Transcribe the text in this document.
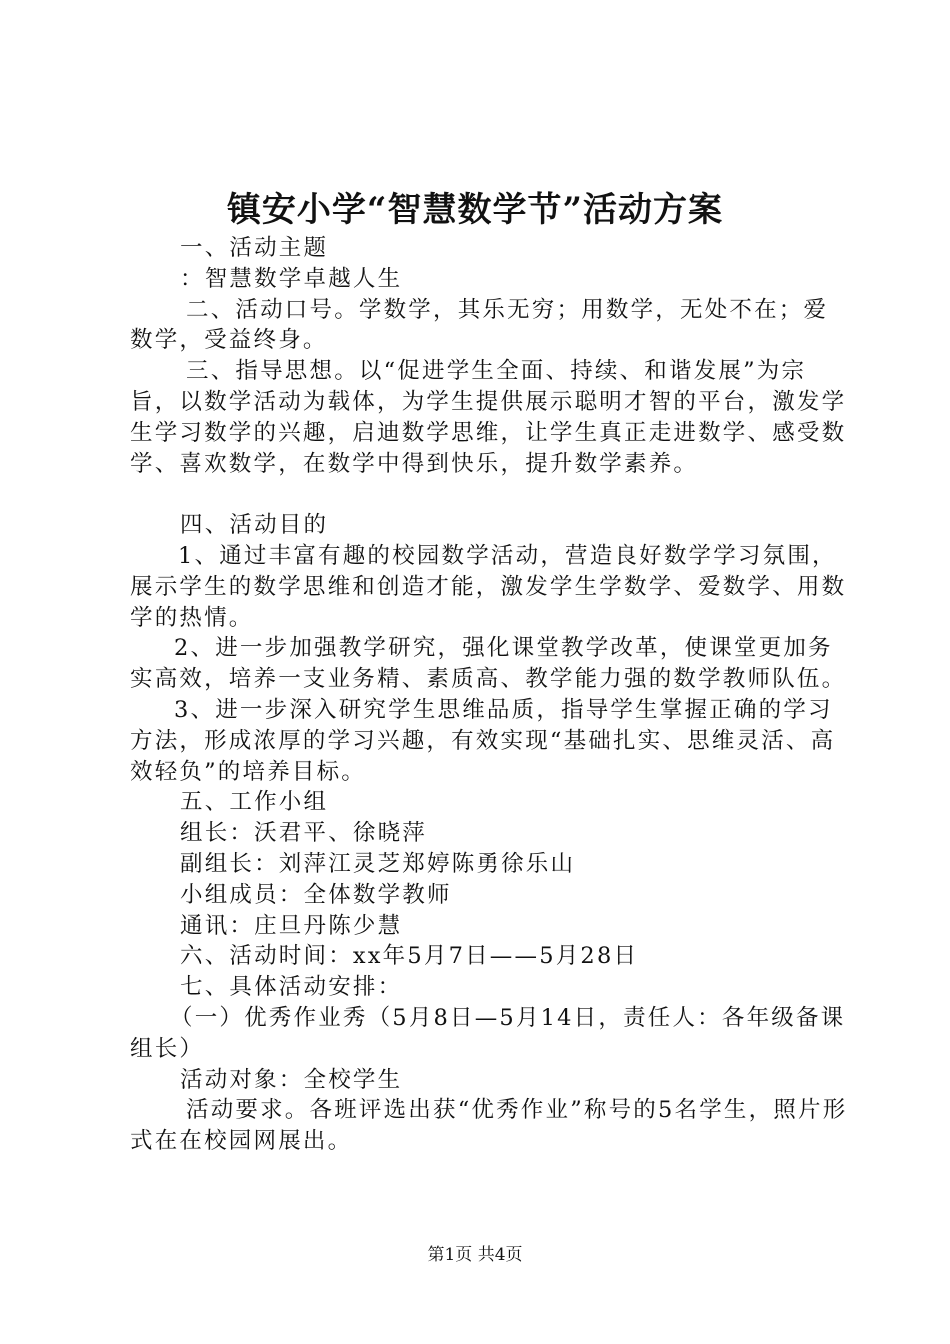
镇安小学“智慧数学节”活动方案

一、活动主题

：智慧数学卓越人生

二、活动口号。学数学，其乐无穷；用数学，无处不在；爱数学，受益终身。

三、指导思想。以“促进学生全面、持续、和谐发展”为宗旨，以数学活动为载体，为学生提供展示聪明才智的平台，激发学生学习数学的兴趣，启迪数学思维，让学生真正走进数学、感受数学、喜欢数学，在数学中得到快乐，提升数学素养。

四、活动目的

1、通过丰富有趣的校园数学活动，营造良好数学学习氛围，展示学生的数学思维和创造才能，激发学生学数学、爱数学、用数学的热情。

2、进一步加强教学研究，强化课堂教学改革，使课堂更加务实高效，培养一支业务精、素质高、教学能力强的数学教师队伍。

3、进一步深入研究学生思维品质，指导学生掌握正确的学习方法，形成浓厚的学习兴趣，有效实现“基础扎实、思维灵活、高效轻负”的培养目标。

五、工作小组

组长：沃君平、徐晓萍

副组长：刘萍江灵芝郑婷陈勇徐乐山

小组成员：全体数学教师

通讯：庄旦丹陈少慧

六、活动时间：xx年5月7日——5月28日

七、具体活动安排：

（一）优秀作业秀（5月8日—5月14日，责任人：各年级备课组长）

活动对象：全校学生

活动要求。各班评选出获“优秀作业”称号的5名学生，照片形式在在校园网展出。

第1页 共4页
